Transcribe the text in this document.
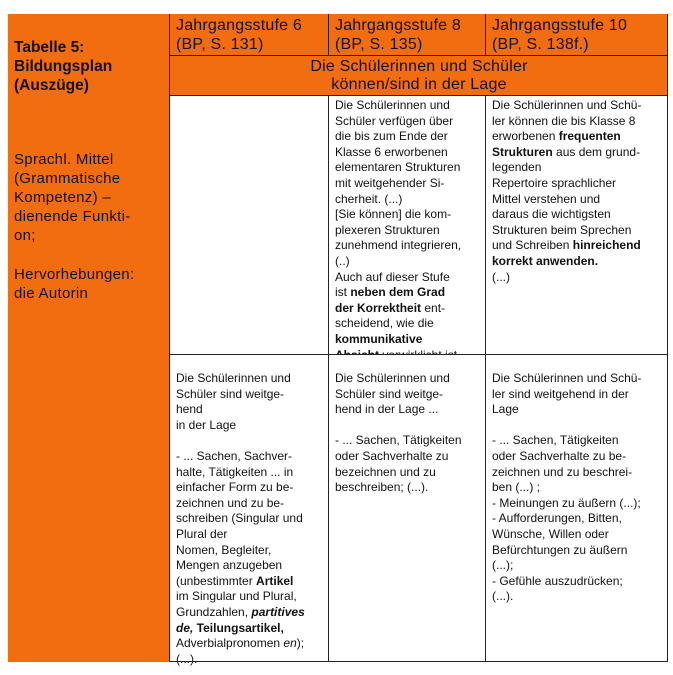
Tabelle 5:
Bildungsplan
(Auszüge)
Sprachl. Mittel
(Grammatische
Kompetenz) –
dienende Funkti-
on;
Hervorhebungen:
die Autorin
Jahrgangsstufe 6
(BP, S. 131)
Jahrgangsstufe 8
(BP, S. 135)
Jahrgangsstufe 10
(BP, S. 138f.)
Die Schülerinnen und Schüler
können/sind in der Lage

Die Schülerinnen und

Schüler verfügen über

die bis zum Ende der

Klasse 6 erworbenen

elementaren Strukturen

mit weitgehender Si-

cherheit. (...)

[Sie können] die kom-

plexeren Strukturen

zunehmend integrieren,

(..)

Auch auf dieser Stufe

ist neben dem Grad

der Korrektheit ent-

scheidend, wie die

kommunikative

Die Schülerinnen und Schü-

ler können die bis Klasse 8

erworbenen frequenten

Strukturen aus dem grund-

legenden

Repertoire sprachlicher

Mittel verstehen und

daraus die wichtigsten

Strukturen beim Sprechen

und Schreiben hinreichend

korrekt anwenden.

(...)

Die Schülerinnen und

Schüler sind weitge-

hend

in der Lage

- ... Sachen, Sachver-

halte, Tätigkeiten ... in

einfacher Form zu be-

zeichnen und zu be-

schreiben (Singular und

Plural der

Nomen, Begleiter,

Mengen anzugeben

(unbestimmter Artikel

im Singular und Plural,

Grundzahlen, partitives

de, Teilungsartikel,

Adverbialpronomen en);

(...).

Die Schülerinnen und

Schüler sind weitge-

hend in der Lage ...

- ... Sachen, Tätigkeiten

oder Sachverhalte zu

bezeichnen und zu

beschreiben; (...).

Die Schülerinnen und Schü-

ler sind weitgehend in der

Lage

- ... Sachen, Tätigkeiten

oder Sachverhalte zu be-

zeichnen und zu beschrei-

ben (...) ;

- Meinungen zu äußern (...);

- Aufforderungen, Bitten,

Wünsche, Willen oder

Befürchtungen zu äußern

(...);

- Gefühle auszudrücken;

(...).
